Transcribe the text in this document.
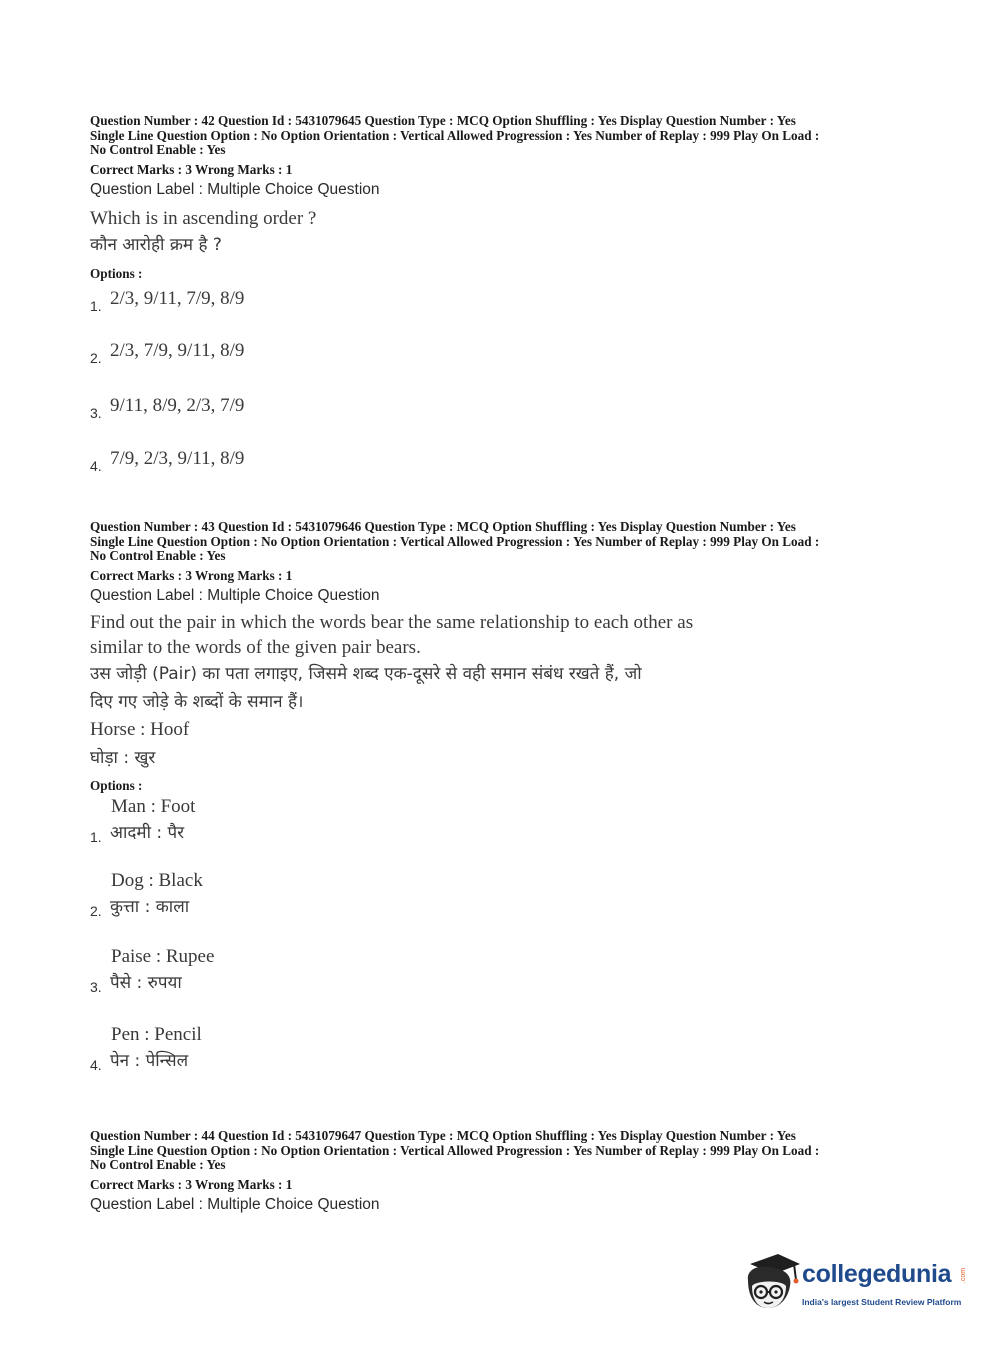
Question Number : 42 Question Id : 5431079645 Question Type : MCQ Option Shuffling : Yes Display Question Number : Yes
Single Line Question Option : No Option Orientation : Vertical Allowed Progression : Yes Number of Replay : 999 Play On Load :
No Control Enable : Yes

Correct Marks : 3 Wrong Marks : 1
Question Label : Multiple Choice Question
Which is in ascending order ?
कौन आरोही क्रम है ?
Options :
1. 2/3, 9/11, 7/9, 8/9
2. 2/3, 7/9, 9/11, 8/9
3. 9/11, 8/9, 2/3, 7/9
4. 7/9, 2/3, 9/11, 8/9

Question Number : 43 Question Id : 5431079646 Question Type : MCQ Option Shuffling : Yes Display Question Number : Yes
Single Line Question Option : No Option Orientation : Vertical Allowed Progression : Yes Number of Replay : 999 Play On Load :
No Control Enable : Yes

Correct Marks : 3 Wrong Marks : 1
Question Label : Multiple Choice Question
Find out the pair in which the words bear the same relationship to each other as
similar to the words of the given pair bears.
उस जोड़ी (Pair) का पता लगाइए, जिसमे शब्द एक-दूसरे से वही समान संबंध रखते हैं, जो
दिए गए जोड़े के शब्दों के समान हैं।
Horse : Hoof
घोड़ा : खुर
Options :
Man : Foot
1. आदमी : पैर
Dog : Black
2. कुत्ता : काला
Paise : Rupee
3. पैसे : रुपया
Pen : Pencil
4. पेन : पेन्सिल

Question Number : 44 Question Id : 5431079647 Question Type : MCQ Option Shuffling : Yes Display Question Number : Yes
Single Line Question Option : No Option Orientation : Vertical Allowed Progression : Yes Number of Replay : 999 Play On Load :
No Control Enable : Yes

Correct Marks : 3 Wrong Marks : 1
Question Label : Multiple Choice Question
collegedunia .com
India's largest Student Review Platform
